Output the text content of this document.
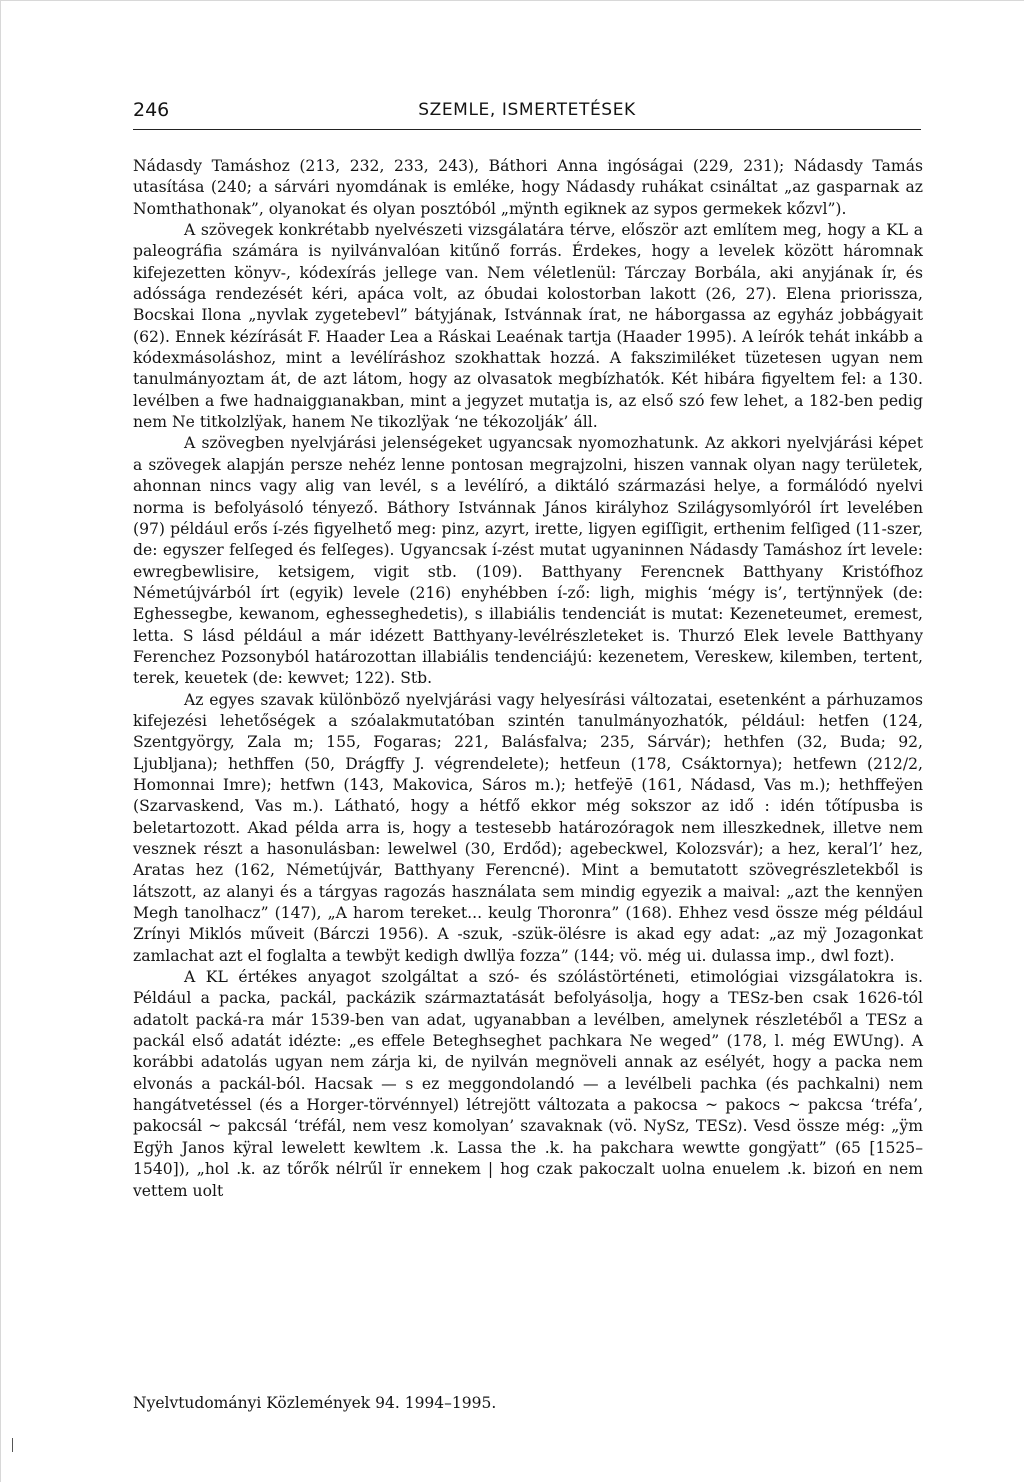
246	SZEMLE, ISMERTETÉSEK

Nádasdy Tamáshoz (213, 232, 233, 243), Báthori Anna ingóságai (229, 231); Nádasdy Tamás utasítása (240; a sárvári nyomdának is emléke, hogy Nádasdy ruhákat csináltat „az gasparnak az Nomthathonak”, olyanokat és olyan posztóból „mÿnth egiknek az sypos germekek kőzvl”).

A szövegek konkrétabb nyelvészeti vizsgálatára térve, először azt említem meg, hogy a KL a paleográfia számára is nyilvánvalóan kitűnő forrás. Érdekes, hogy a levelek között háromnak kifejezetten könyv-, kódexírás jellege van. Nem véletlenül: Tárczay Borbála, aki anyjának ír, és adóssága rendezését kéri, apáca volt, az óbudai kolostorban lakott (26, 27). Elena priorissza, Bocskai Ilona „nyvlak zygetebevl” bátyjának, Istvánnak írat, ne háborgassa az egyház jobbágyait (62). Ennek kézírását F. Haader Lea a Ráskai Leaénak tartja (Haader 1995). A leírók tehát inkább a kódexmásoláshoz, mint a levélíráshoz szokhattak hozzá. A fakszimiléket tüzetesen ugyan nem tanulmányoztam át, de azt látom, hogy az olvasatok megbízhatók. Két hibára figyeltem fel: a 130. levélben a fwe hadnaiggıanakban, mint a jegyzet mutatja is, az első szó few lehet, a 182-ben pedig nem Ne titkolzlÿak, hanem Ne tikozlÿak ‘ne tékozolják’ áll.

A szövegben nyelvjárási jelenségeket ugyancsak nyomozhatunk. Az akkori nyelvjárási képet a szövegek alapján persze nehéz lenne pontosan megrajzolni, hiszen vannak olyan nagy területek, ahonnan nincs vagy alig van levél, s a levélíró, a diktáló származási helye, a formálódó nyelvi norma is befolyásoló tényező. Báthory Istvánnak János királyhoz Szilágysomlyóról írt levelében (97) például erős í-zés figyelhető meg: pinz, azyrt, irette, ligyen egiſſigit, erthenim felſiged (11-szer, de: egyszer felſeged és felſeges). Ugyancsak í-zést mutat ugyaninnen Nádasdy Tamáshoz írt levele: ewregbewlisire, ketsigem, vigit stb. (109). Batthyany Ferencnek Batthyany Kristófhoz Németújvárból írt (egyik) levele (216) enyhébben í-ző: ligh, mighis ‘mégy is’, tertÿnnÿek (de: Eghessegbe, kewanom, eghesseghedetis), s illabiális tendenciát is mutat: Kezeneteumet, eremest, letta. S lásd például a már idézett Batthyany-levélrészleteket is. Thurzó Elek levele Batthyany Ferenchez Pozsonyból határozottan illabiális tendenciájú: kezenetem, Vereskew, kilemben, tertent, terek, keuetek (de: kewvet; 122). Stb.

Az egyes szavak különböző nyelvjárási vagy helyesírási változatai, esetenként a párhuzamos kifejezési lehetőségek a szóalakmutatóban szintén tanulmányozhatók, például: hetfen (124, Szentgyörgy, Zala m; 155, Fogaras; 221, Balásfalva; 235, Sárvár); hethfen (32, Buda; 92, Ljubljana); hethffen (50, Drágffy J. végrendelete); hetfeun (178, Csáktornya); hetfewn (212/2, Homonnai Imre); hetfwn (143, Makovica, Sáros m.); hetfeÿē (161, Nádasd, Vas m.); hethffeÿen (Szarvaskend, Vas m.). Látható, hogy a hétfő ekkor még sokszor az idő : idén tőtípusba is beletartozott. Akad példa arra is, hogy a testesebb határozóragok nem illeszkednek, illetve nem vesznek részt a hasonulásban: lewelwel (30, Erdőd); agebeckwel, Kolozsvár); a hez, keral’l’ hez, Aratas hez (162, Németújvár, Batthyany Ferencné). Mint a bemutatott szövegrészletekből is látszott, az alanyi és a tárgyas ragozás használata sem mindig egyezik a maival: „azt the kennÿen Megh tanolhacz” (147), „A harom tereket... keulg Thoronra” (168). Ehhez vesd össze még például Zrínyi Miklós műveit (Bárczi 1956). A -szuk, -szük-ölésre is akad egy adat: „az mÿ Jozagonkat zamlachat azt el foglalta a tewbÿt kedigh dwllÿa fozza” (144; vö. még ui. dulassa imp., dwl fozt).

A KL értékes anyagot szolgáltat a szó- és szólástörténeti, etimológiai vizsgálatokra is. Például a packa, packál, packázik származtatását befolyásolja, hogy a TESz-ben csak 1626-tól adatolt packá-ra már 1539-ben van adat, ugyanabban a levélben, amelynek részletéből a TESz a packál első adatát idézte: „es effele Beteghseghet pachkara Ne weged” (178, l. még EWUng). A korábbi adatolás ugyan nem zárja ki, de nyilván megnöveli annak az esélyét, hogy a packa nem elvonás a packál-ból. Hacsak — s ez meggondolandó — a levélbeli pachka (és pachkalni) nem hangátvetéssel (és a Horger-törvénnyel) létrejött változata a pakocsa ~ pakocs ~ pakcsa ‘tréfa’, pakocsál ~ pakcsál ‘tréfál, nem vesz komolyan’ szavaknak (vö. NySz, TESz). Vesd össze még: „ÿm Egÿh Janos kÿral lewelett kewltem .k. Lassa the .k. ha pakchara wewtte gongÿatt” (65 [1525–1540]), „hol .k. az tőrők nélrűl ïr ennekem | hog czak pakoczalt uolna enuelem .k. bizoń en nem vettem uolt

Nyelvtudományi Közlemények 94. 1994–1995.
